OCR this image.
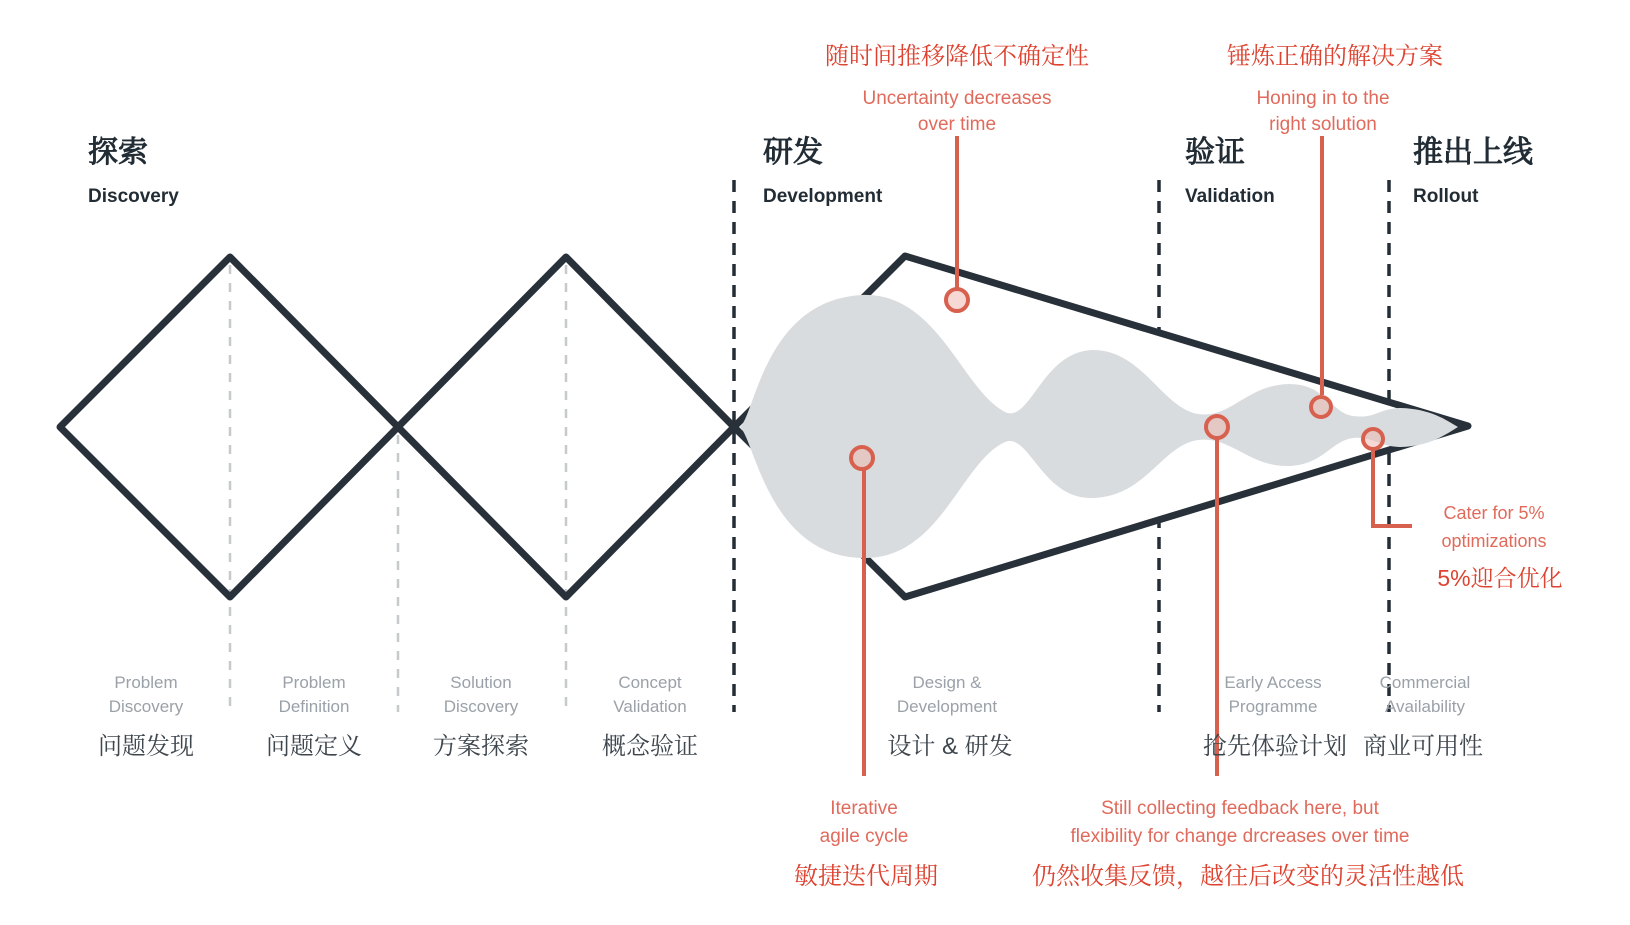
探索
Discovery
研发
Development
验证
Validation
推出上线
Rollout
Problem
Discovery
问题发现
Problem
Definition
问题定义
Solution
Discovery
方案探索
Concept
Validation
概念验证
Design &
Development
设计 & 研发
Early Access
Programme
抢先体验计划
Commercial
Availability
商业可用性
随时间推移降低不确定性
Uncertainty decreases
over time
锤炼正确的解决方案
Honing in to the
right solution
Iterative
agile cycle
敏捷迭代周期
Still collecting feedback here, but
flexibility for change drcreases over time
仍然收集反馈，越往后改变的灵活性越低
Cater for 5%
optimizations
5%迎合优化
